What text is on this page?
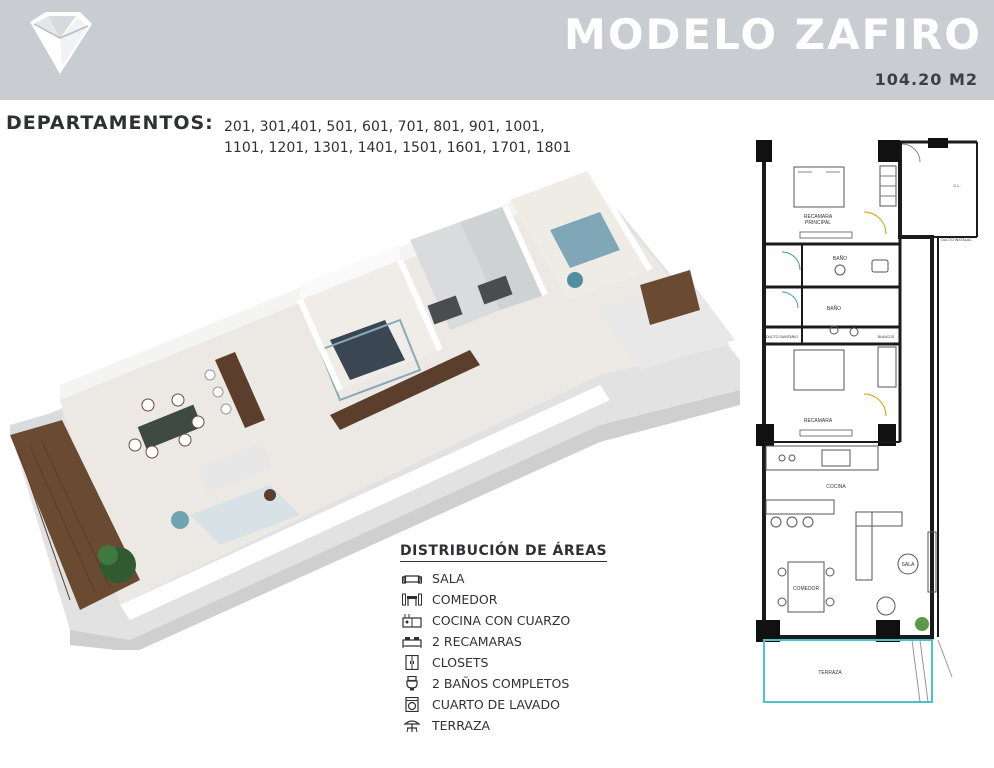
MODELO ZAFIRO
104.20 M2
DEPARTAMENTOS: 201, 301,401, 501, 601, 701, 801, 901, 1001,
1101, 1201, 1301, 1401, 1501, 1601, 1701, 1801
DISTRIBUCIÓN DE ÁREAS
SALA
COMEDOR
COCINA CON CUARZO
2 RECAMARAS
CLOSETS
2 BAÑOS COMPLETOS
CUARTO DE LAVADO
TERRAZA
RECAMARA
PRINCIPAL
BAÑO
BAÑO
DUCTO SANITARIO	BLANCOS
RECAMARA
COCINA
COMEDOR
SALA
TERRAZA
DUCTO INSTALAC.
C.L.
